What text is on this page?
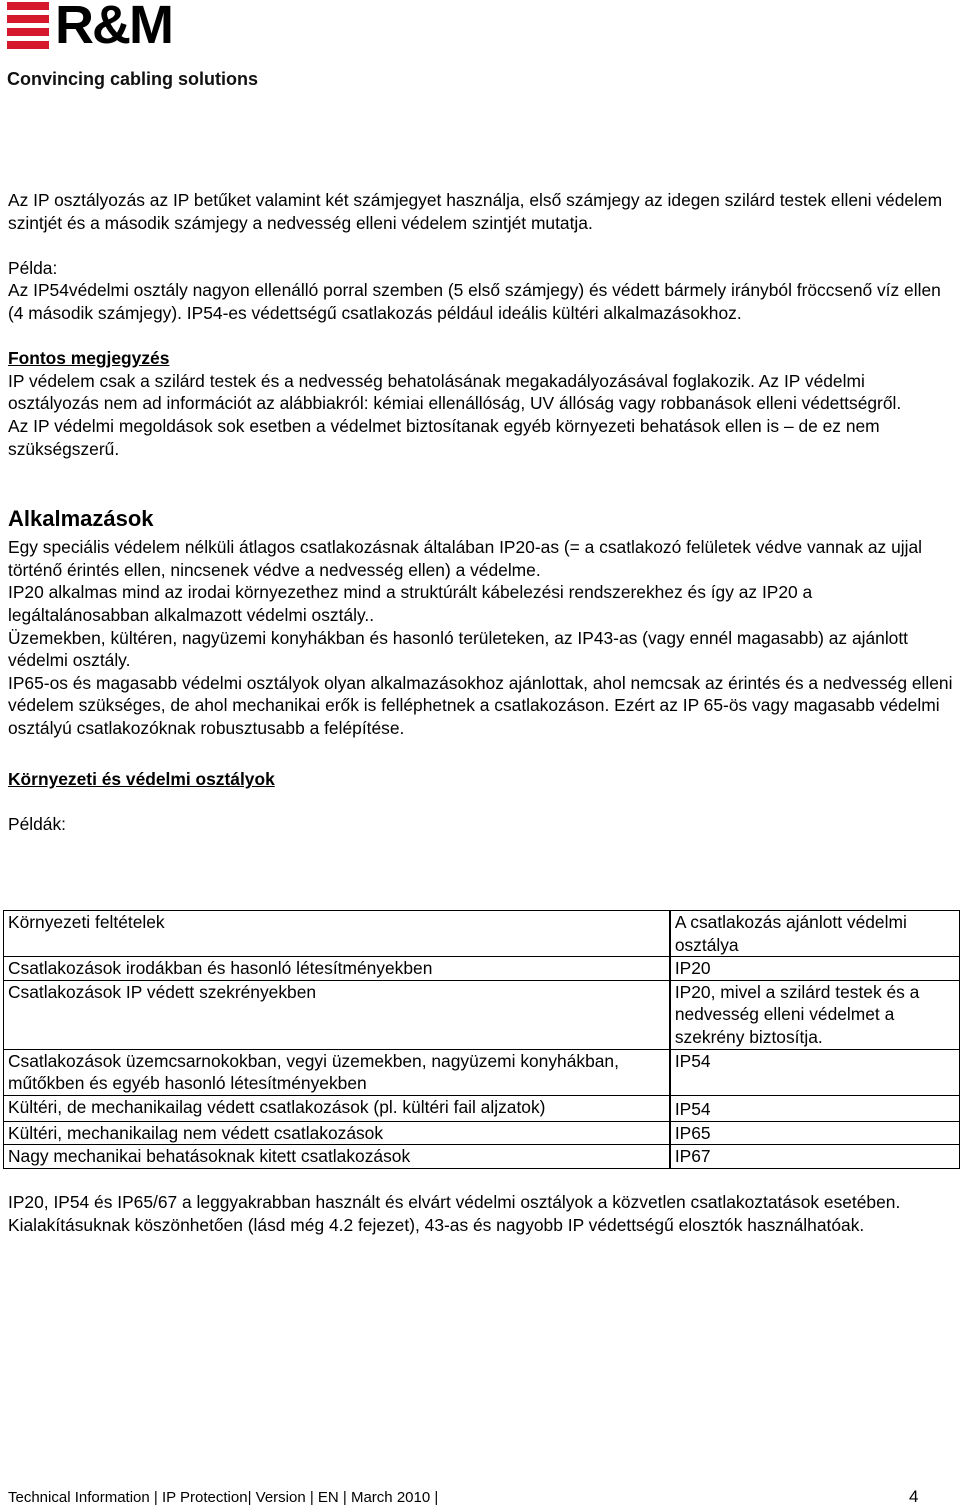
R&M
Convincing cabling solutions

Az IP osztályozás az IP betűket valamint két számjegyet használja, első számjegy az idegen szilárd testek elleni védelem szintjét és a második számjegy a nedvesség elleni védelem szintjét mutatja.

Példa:

Az IP54védelmi osztály nagyon ellenálló porral szemben (5 első számjegy) és védett bármely irányból fröccsenő víz ellen (4 második számjegy). IP54-es védettségű csatlakozás például ideális kültéri alkalmazásokhoz.

Fontos megjegyzés

IP védelem csak a szilárd testek és a nedvesség behatolásának megakadályozásával foglakozik. Az IP védelmi osztályozás nem ad információt az alábbiakról: kémiai ellenállóság, UV állóság vagy robbanások elleni védettségről.

Az IP védelmi megoldások sok esetben a védelmet biztosítanak egyéb környezeti behatások ellen is – de ez nem szükségszerű.

Alkalmazások

Egy speciális védelem nélküli átlagos csatlakozásnak általában IP20-as (= a csatlakozó felületek védve vannak az ujjal történő érintés ellen, nincsenek védve a nedvesség ellen) a védelme.

IP20 alkalmas mind az irodai környezethez mind a struktúrált kábelezési rendszerekhez és így az IP20 a legáltalánosabban alkalmazott védelmi osztály..

Üzemekben, kültéren, nagyüzemi konyhákban és hasonló területeken, az IP43-as (vagy ennél magasabb) az ajánlott védelmi osztály.

IP65-os és magasabb védelmi osztályok olyan alkalmazásokhoz ajánlottak, ahol nemcsak az érintés és a nedvesség elleni védelem szükséges, de ahol mechanikai erők is felléphetnek a csatlakozáson. Ezért az IP 65-ös vagy magasabb védelmi osztályú csatlakozóknak robusztusabb a felépítése.

Környezeti és védelmi osztályok

Példák:

Környezeti feltételek		A csatlakozás ajánlott védelmi osztálya
Csatlakozások irodákban és hasonló létesítményekben		IP20
Csatlakozások IP védett szekrényekben		IP20, mivel a szilárd testek és a nedvesség elleni védelmet a szekrény biztosítja.
Csatlakozások üzemcsarnokokban, vegyi üzemekben, nagyüzemi konyhákban, műtőkben és egyéb hasonló létesítményekben		IP54
Kültéri, de mechanikailag védett csatlakozások (pl. kültéri fail aljzatok)		IP54
Kültéri, mechanikailag nem védett csatlakozások		IP65
Nagy mechanikai behatásoknak kitett csatlakozások		IP67

IP20, IP54 és IP65/67 a leggyakrabban használt és elvárt védelmi osztályok a közvetlen csatlakoztatások esetében.

Kialakításuknak köszönhetően (lásd még 4.2 fejezet), 43-as és nagyobb IP védettségű elosztók használhatóak.

Technical Information | IP Protection| Version | EN | March 2010 |	4
